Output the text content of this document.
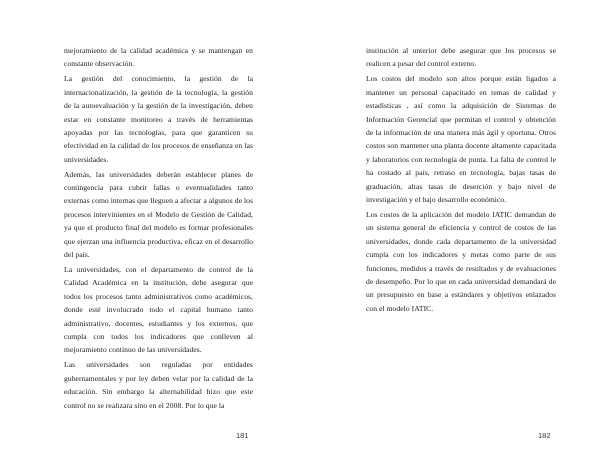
mejoramiento de la calidad académica y se mantengan en constante observación.

La gestión del conocimiento, la gestión de la internacionalización, la gestión de la tecnología, la gestión de la autoevaluación y la gestión de la investigación, deben estar en constante monitoreo a través de herramientas apoyadas por las tecnologías, para que garanticen su efectividad en la calidad de los procesos de enseñanza en las universidades.

Además, las universidades deberán establecer planes de contingencia para cubrir fallas o eventualidades tanto externas como internas que lleguen a afectar a algunos de los procesos intervinientes en el Modelo de Gestión de Calidad, ya que el producto final del modelo es formar profesionales que ejerzan una influencia productiva, eficaz en el desarrollo del país.

La universidades, con el departamento de control de la Calidad Académica en la institución, debe asegurar que todos los procesos tanto administrativos como académicos, donde esté involucrado todo el capital humano tanto administrativo, docentes, estudiantes y los externos, que cumpla con todos los indicadores que conlleven al mejoramiento continuo de las universidades.

Las universidades son reguladas por entidades gubernamentales y por ley deben velar por la calidad de la educación. Sin embargo la alternabilidad hizo que este control no se realizara sino en el 2008. Por lo que la

181

institución al unterior debe asegurar que los procesos se realicen a pesar del control externo.

Los costos del modelo son altos porque están ligados a mantener un personal capacitado en temas de calidad y estadísticas , así como la adquisición de Sistemas de Información Gerencial que permitan el control y obtención de la información de una manera más ágil y oportuna. Otros costos son mantener una planta docente altamente capacitada y laboratorios con tecnología de punta. La falta de control le ha costado al país, retraso en tecnología, bajas tasas de graduación, altas tasas de deserción y bajo nivel de investigación y el bajo desarrollo económico.

Los costos de la aplicación del modelo IATIC demandan de un sistema general de eficiencia y control de costos de las universidades, donde cada departamento de la universidad cumpla con los indicadores y metas como parte de sus funciones, medidos a través de resultados y de evaluaciones de desempeño. Por lo que en cada universidad demandará de un presupuesto en base a estándares y objetivos enlazados con el modelo IATIC.

182
